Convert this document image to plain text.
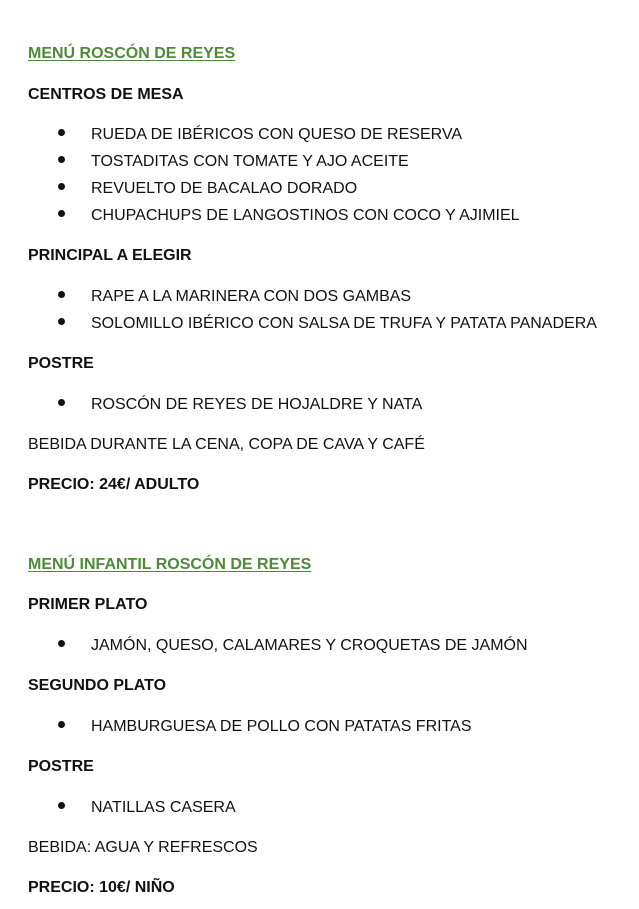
MENÚ ROSCÓN DE REYES
CENTROS DE MESA
RUEDA DE IBÉRICOS CON QUESO DE RESERVA
TOSTADITAS CON TOMATE Y AJO ACEITE
REVUELTO DE BACALAO DORADO
CHUPACHUPS DE LANGOSTINOS CON COCO Y AJIMIEL
PRINCIPAL A ELEGIR
RAPE A LA MARINERA CON DOS GAMBAS
SOLOMILLO IBÉRICO CON SALSA DE TRUFA Y PATATA PANADERA
POSTRE
ROSCÓN DE REYES DE HOJALDRE Y NATA
BEBIDA DURANTE LA CENA, COPA DE CAVA Y CAFÉ
PRECIO: 24€/ ADULTO
MENÚ INFANTIL ROSCÓN DE REYES
PRIMER PLATO
JAMÓN, QUESO, CALAMARES Y CROQUETAS DE JAMÓN
SEGUNDO PLATO
HAMBURGUESA DE POLLO CON PATATAS FRITAS
POSTRE
NATILLAS CASERA
BEBIDA: AGUA Y REFRESCOS
PRECIO: 10€/ NIÑO
